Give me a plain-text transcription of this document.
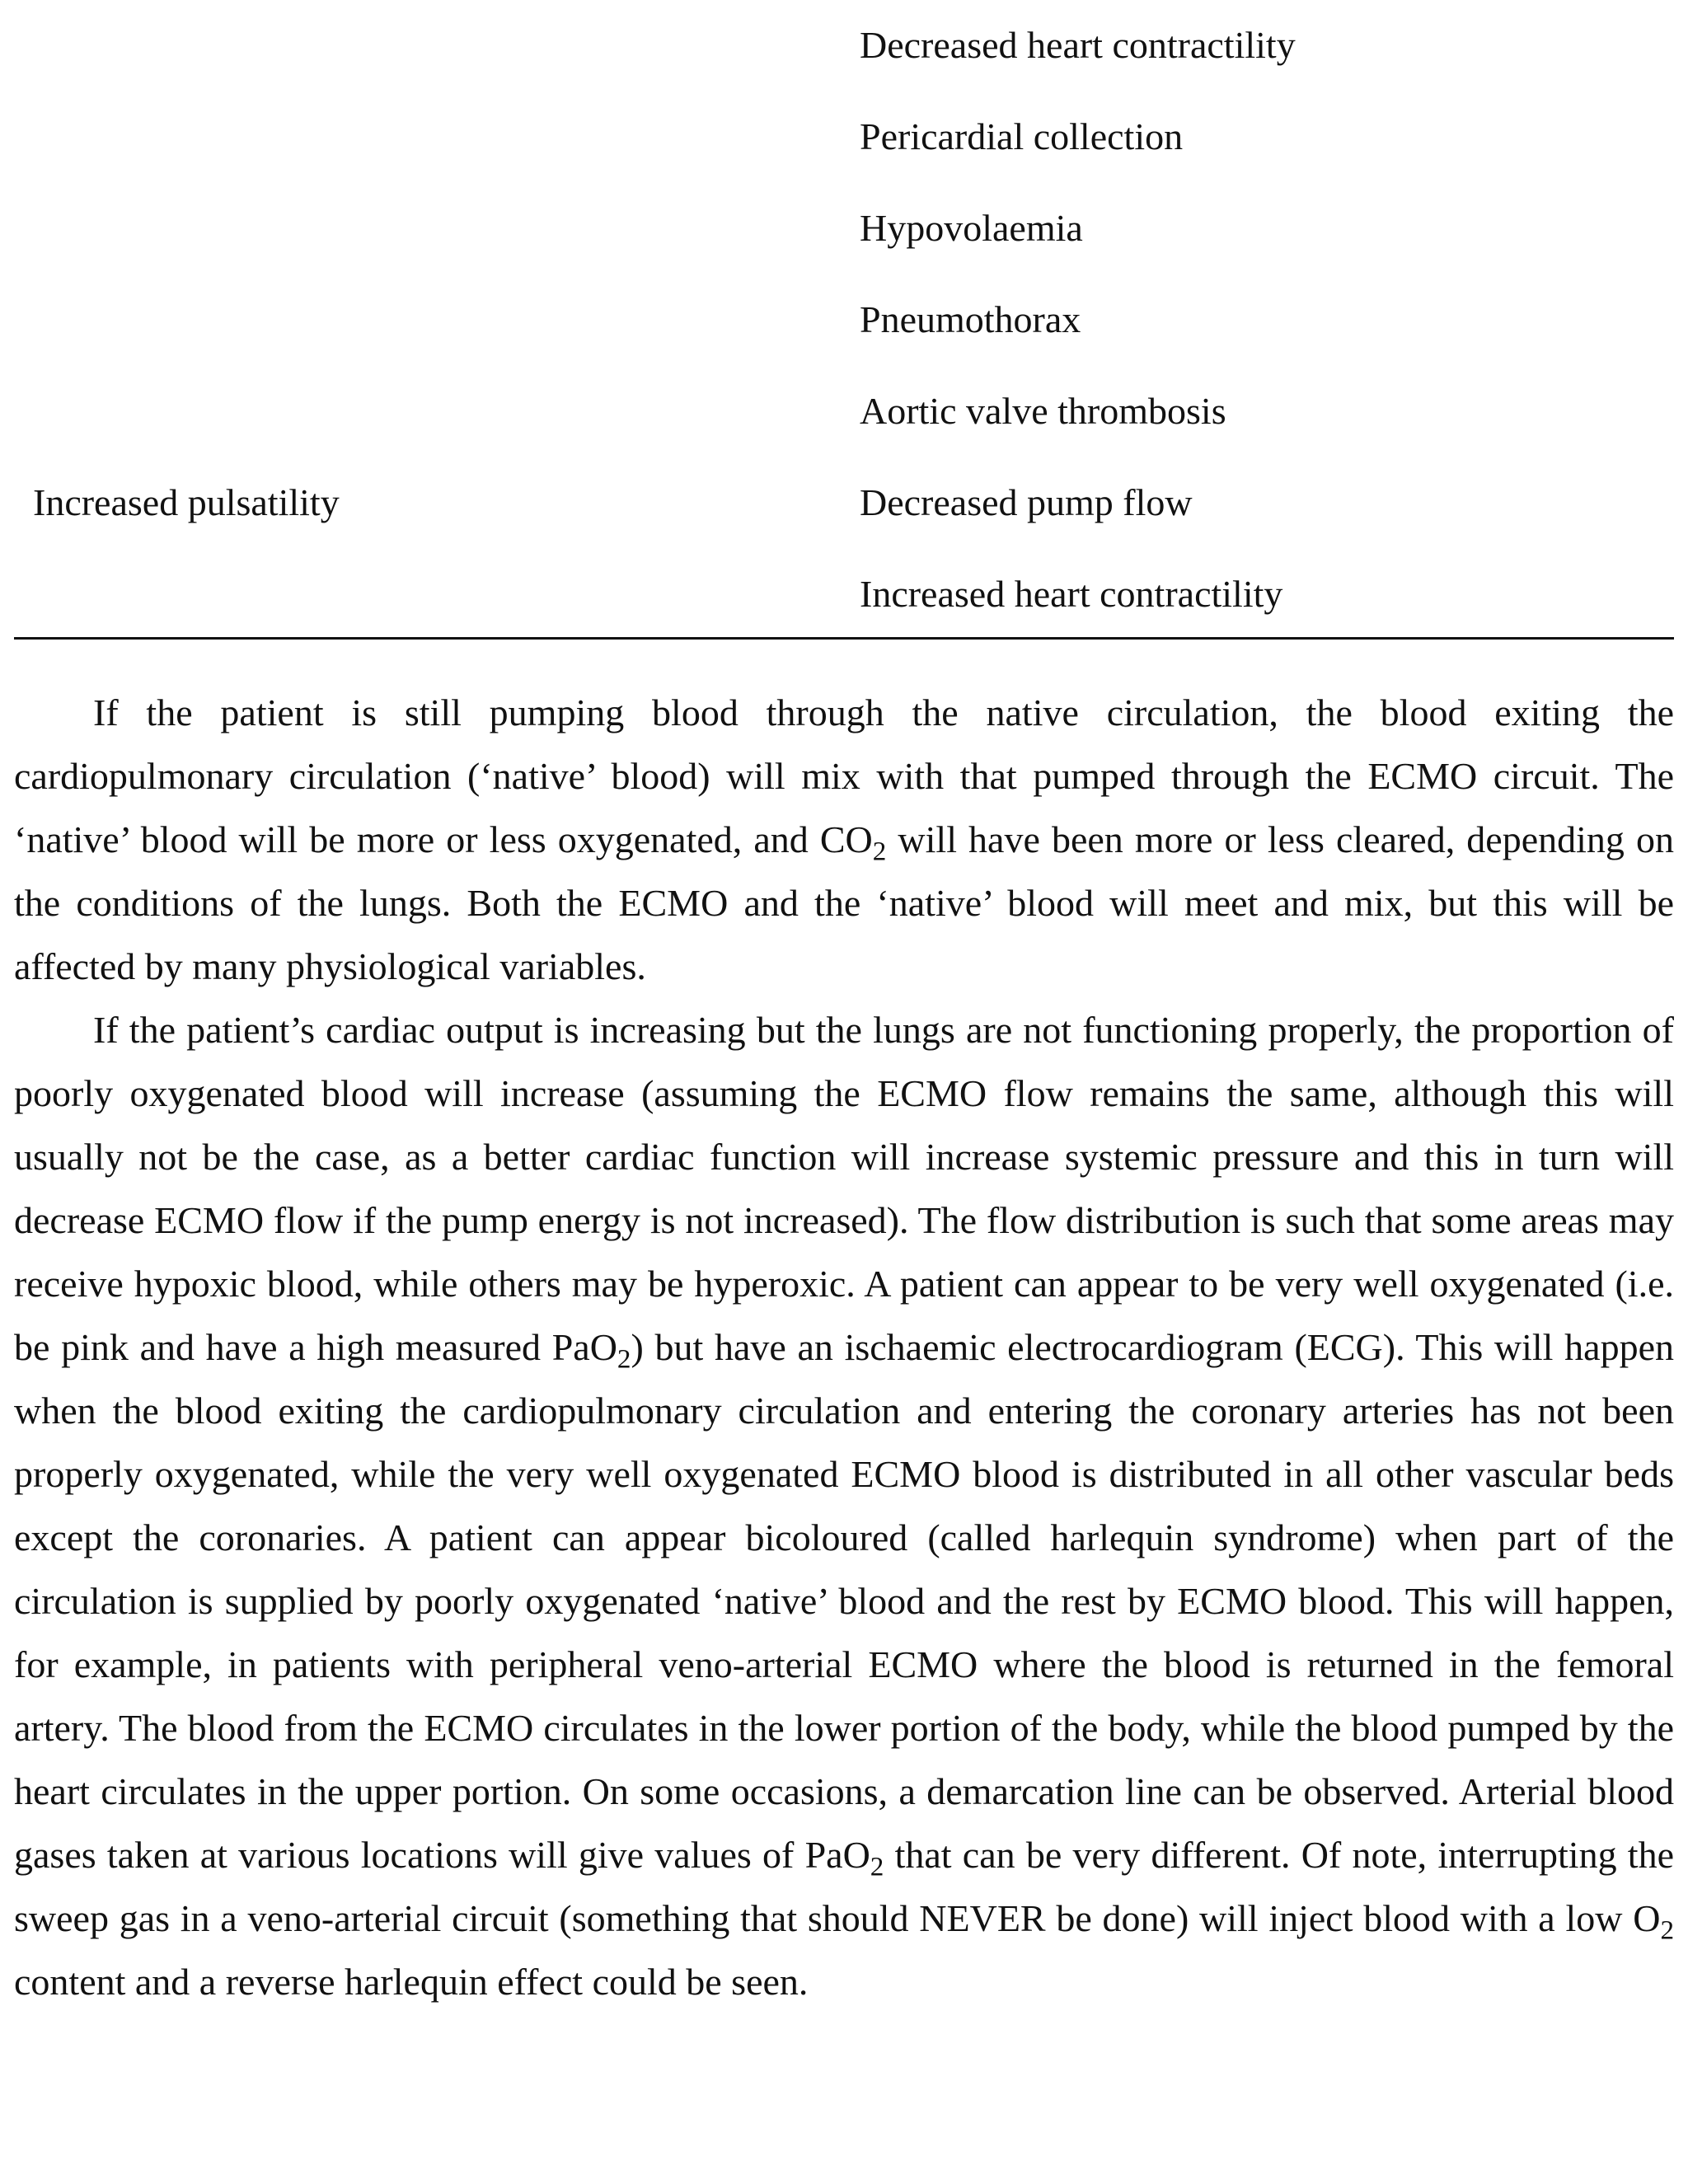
Decreased heart contractility
Pericardial collection
Hypovolaemia
Pneumothorax
Aortic valve thrombosis
Increased pulsatility	Decreased pump flow
Increased heart contractility

If the patient is still pumping blood through the native circulation, the blood exiting the cardiopulmonary circulation (‘native’ blood) will mix with that pumped through the ECMO circuit. The ‘native’ blood will be more or less oxygenated, and $CO_2$ will have been more or less cleared, depending on the conditions of the lungs. Both the ECMO and the ‘native’ blood will meet and mix, but this will be affected by many physiological variables.

If the patient’s cardiac output is increasing but the lungs are not functioning properly, the proportion of poorly oxygenated blood will increase (assuming the ECMO flow remains the same, although this will usually not be the case, as a better cardiac function will increase systemic pressure and this in turn will decrease ECMO flow if the pump energy is not increased). The flow distribution is such that some areas may receive hypoxic blood, while others may be hyperoxic. A patient can appear to be very well oxygenated (i.e. be pink and have a high measured PaO$_2$) but have an ischaemic electrocardiogram (ECG). This will happen when the blood exiting the cardiopulmonary circulation and entering the coronary arteries has not been properly oxygenated, while the very well oxygenated ECMO blood is distributed in all other vascular beds except the coronaries. A patient can appear bicoloured (called harlequin syndrome) when part of the circulation is supplied by poorly oxygenated ‘native’ blood and the rest by ECMO blood. This will happen, for example, in patients with peripheral veno-arterial ECMO where the blood is returned in the femoral artery. The blood from the ECMO circulates in the lower portion of the body, while the blood pumped by the heart circulates in the upper portion. On some occasions, a demarcation line can be observed. Arterial blood gases taken at various locations will give values of PaO$_2$ that can be very different. Of note, interrupting the sweep gas in a veno-arterial circuit (something that should NEVER be done) will inject blood with a low $O_2$ content and a reverse harlequin effect could be seen.
